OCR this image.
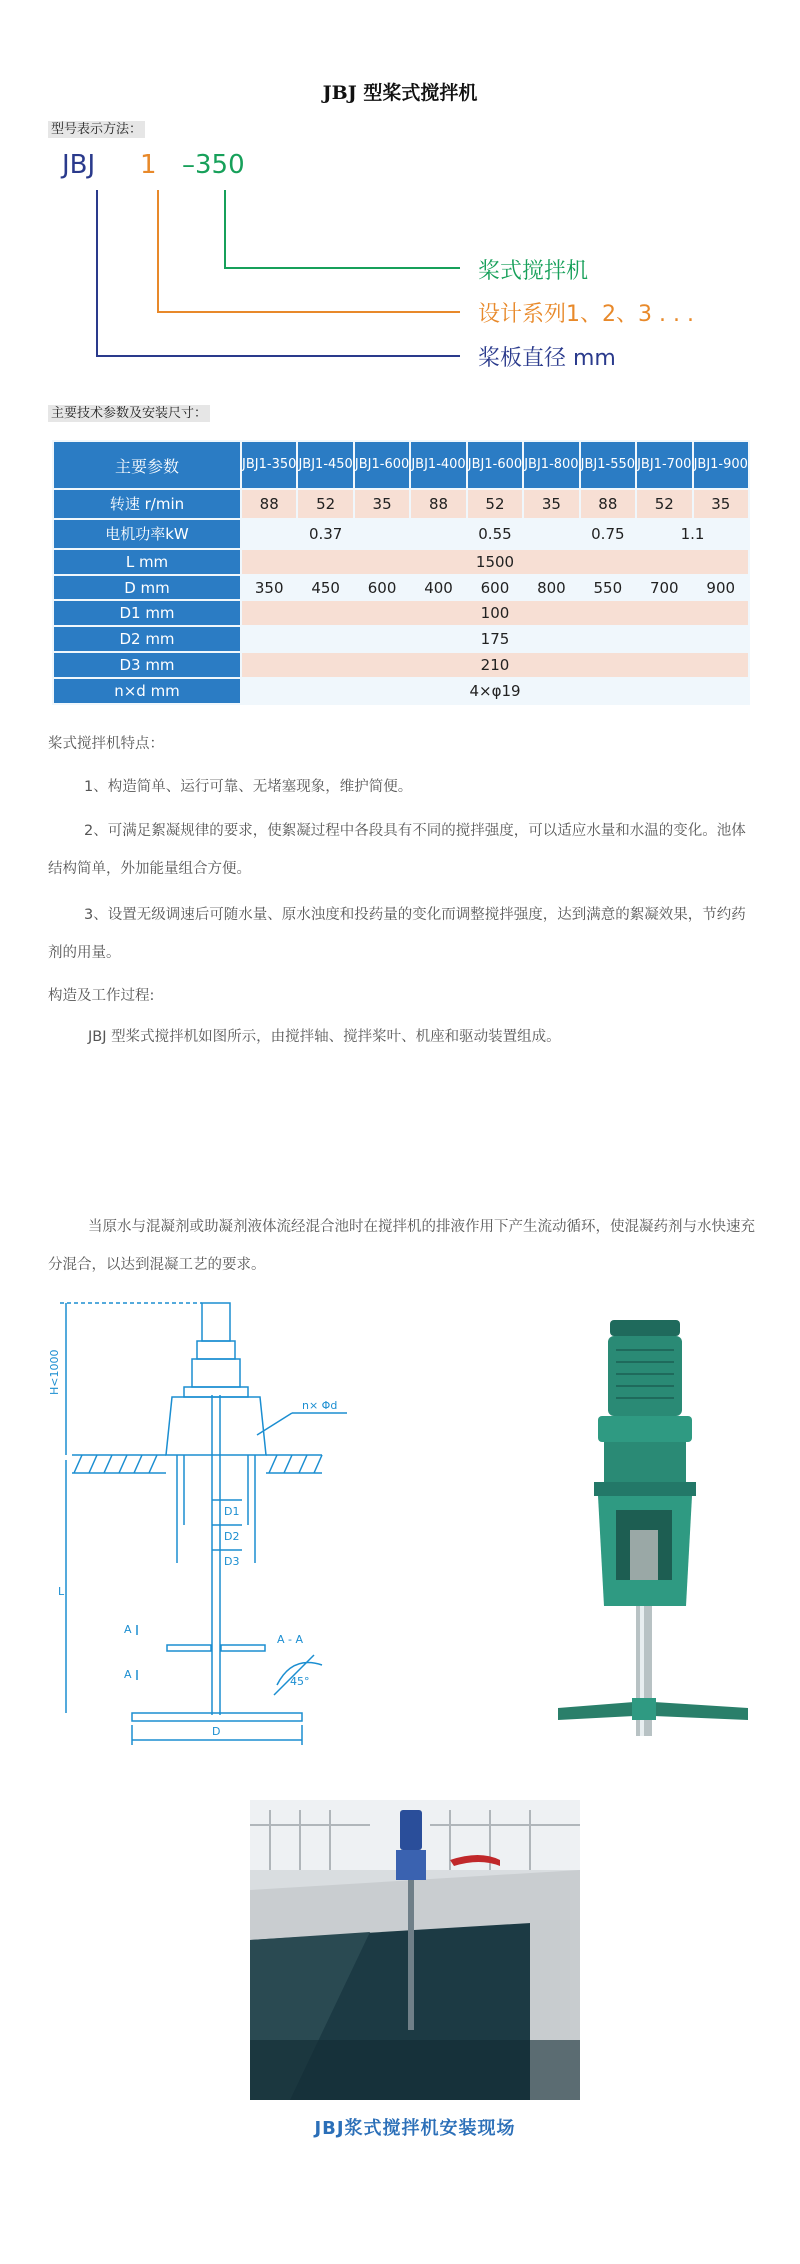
JBJ 型桨式搅拌机
型号表示方法：
JBJ 1 –350
桨式搅拌机
设计系列1、2、3 . . .
桨板直径 mm
主要技术参数及安装尺寸：
主要参数	JBJ1-350	JBJ1-450	JBJ1-600	JBJ1-400	JBJ1-600	JBJ1-800	JBJ1-550	JBJ1-700	JBJ1-900
转速 r/min	88	52	35	88	52	35	88	52	35
电机功率kW	0.37			0.55			0.75	1.1	
L mm	1500								
D mm	350	450	600	400	600	800	550	700	900
D1 mm	100								
D2 mm	175								
D3 mm	210								
n×d mm	4×φ19								
桨式搅拌机特点：
1、构造简单、运行可靠、无堵塞现象，维护简便。
2、可满足絮凝规律的要求，使絮凝过程中各段具有不同的搅拌强度，可以适应水量和水温的变化。池体结构简单，外加能量组合方便。
3、设置无级调速后可随水量、原水浊度和投药量的变化而调整搅拌强度，达到满意的絮凝效果，节约药剂的用量。
构造及工作过程:
JBJ 型桨式搅拌机如图所示，由搅拌轴、搅拌桨叶、机座和驱动装置组成。
当原水与混凝剂或助凝剂液体流经混合池时在搅拌机的排液作用下产生流动循环，使混凝药剂与水快速充分混合，以达到混凝工艺的要求。
H<1000
n× Φd
D1
D2
D3
L
A
A
A - A
45°
D
JBJ浆式搅拌机安装现场
